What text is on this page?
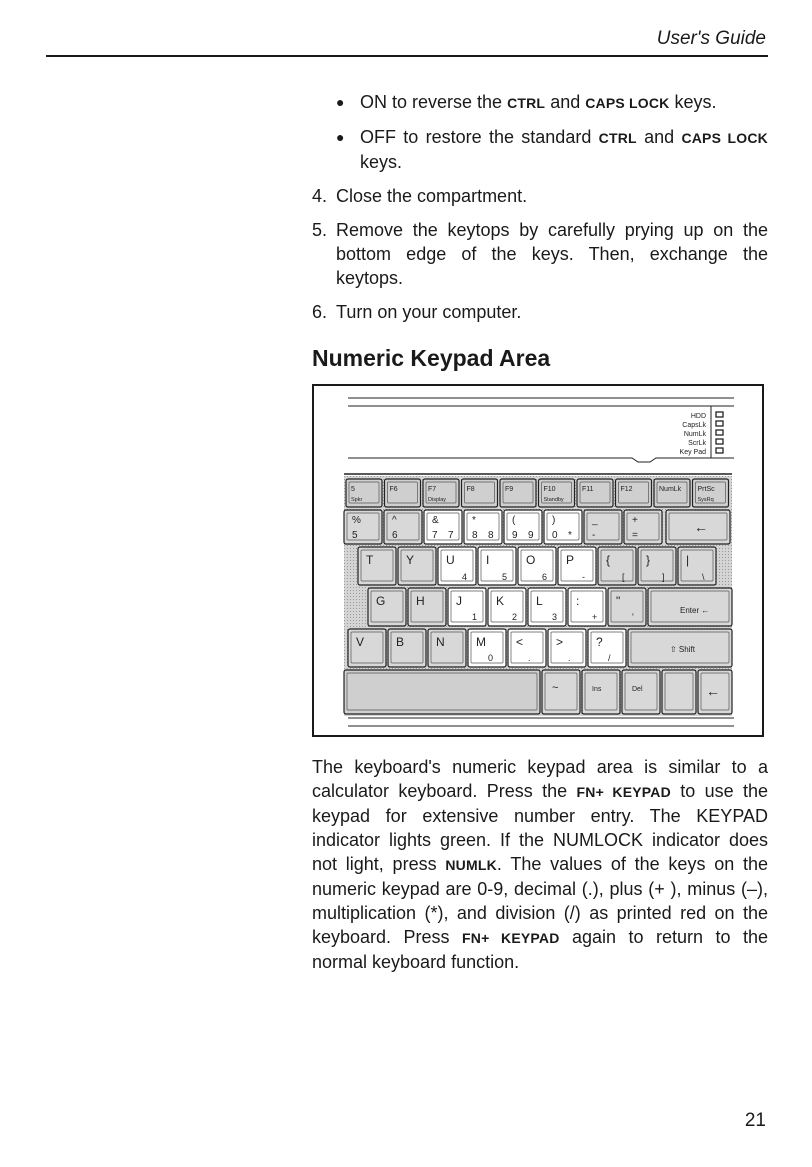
User's Guide
● ON to reverse the CTRL and CAPS LOCK keys.
● OFF to restore the standard CTRL and CAPS LOCK keys.
4. Close the compartment.
5. Remove the keytops by carefully prying up on the bottom edge of the keys. Then, exchange the keytops.
6. Turn on your computer.
Numeric Keypad Area
HDD
CapsLk
NumLk
ScrLk
Key Pad
5
Spkr
F6	F7
Display
F8	F9	F10
Standby
F11	F12	NumLk PrtSc
SysRq
%
5
^
6
&
7 7
*
8 8
(
9 9
)
0 *
_
-
+
=
←
T	Y	U
4
I
5
O
6
P
-
{
[
}
]
|
\
G	H	J
1
K
2
L
3
:
+
"
'
Enter ←
V	B	N	M
0
<
.
>
.
?
/
⇧ Shift
~	Ins	Del	←
The keyboard's numeric keypad area is similar to a calculator keyboard. Press the FN+ KEYPAD to use the keypad for extensive number entry. The KEYPAD indicator lights green. If the NUMLOCK indicator does not light, press NUMLK. The values of the keys on the numeric keypad are 0-9, decimal (.), plus (+ ), minus (–), multiplication (*), and division (/) as printed red on the keyboard. Press FN+ KEYPAD again to return to the normal keyboard function.
21
